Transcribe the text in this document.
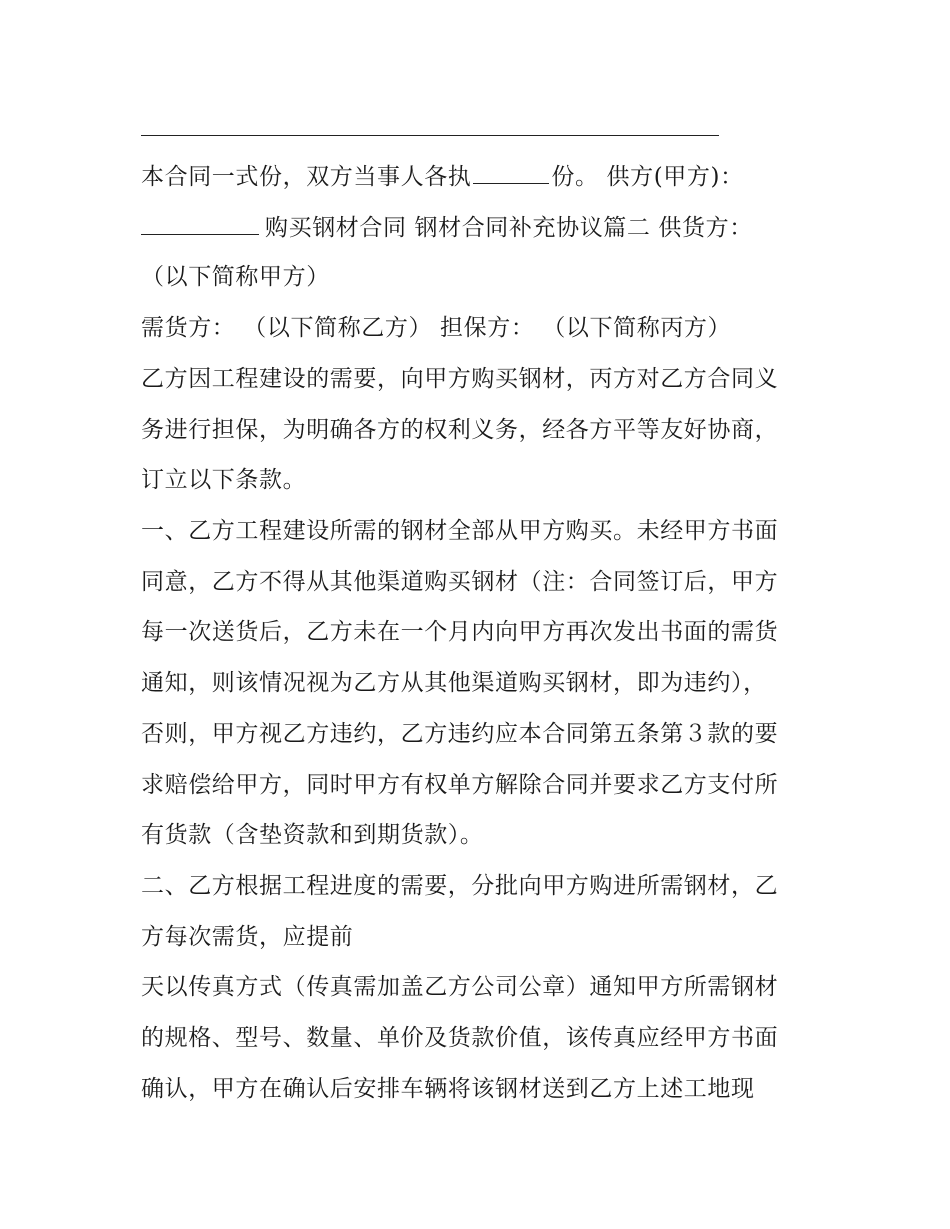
本合同一式份，双方当事人各执	份。 供方(甲方)：
购买钢材合同 钢材合同补充协议篇二 供货方：
（以下简称甲方）
需货方： （以下简称乙方） 担保方： （以下简称丙方）
乙方因工程建设的需要，向甲方购买钢材，丙方对乙方合同义
务进行担保，为明确各方的权利义务，经各方平等友好协商，
订立以下条款。
一、乙方工程建设所需的钢材全部从甲方购买。未经甲方书面
同意，乙方不得从其他渠道购买钢材（注：合同签订后，甲方
每一次送货后，乙方未在一个月内向甲方再次发出书面的需货
通知，则该情况视为乙方从其他渠道购买钢材，即为违约），
否则，甲方视乙方违约，乙方违约应本合同第五条第３款的要
求赔偿给甲方，同时甲方有权单方解除合同并要求乙方支付所
有货款（含垫资款和到期货款）。
二、乙方根据工程进度的需要，分批向甲方购进所需钢材，乙
方每次需货，应提前
天以传真方式（传真需加盖乙方公司公章）通知甲方所需钢材
的规格、型号、数量、单价及货款价值，该传真应经甲方书面
确认，甲方在确认后安排车辆将该钢材送到乙方上述工地现
